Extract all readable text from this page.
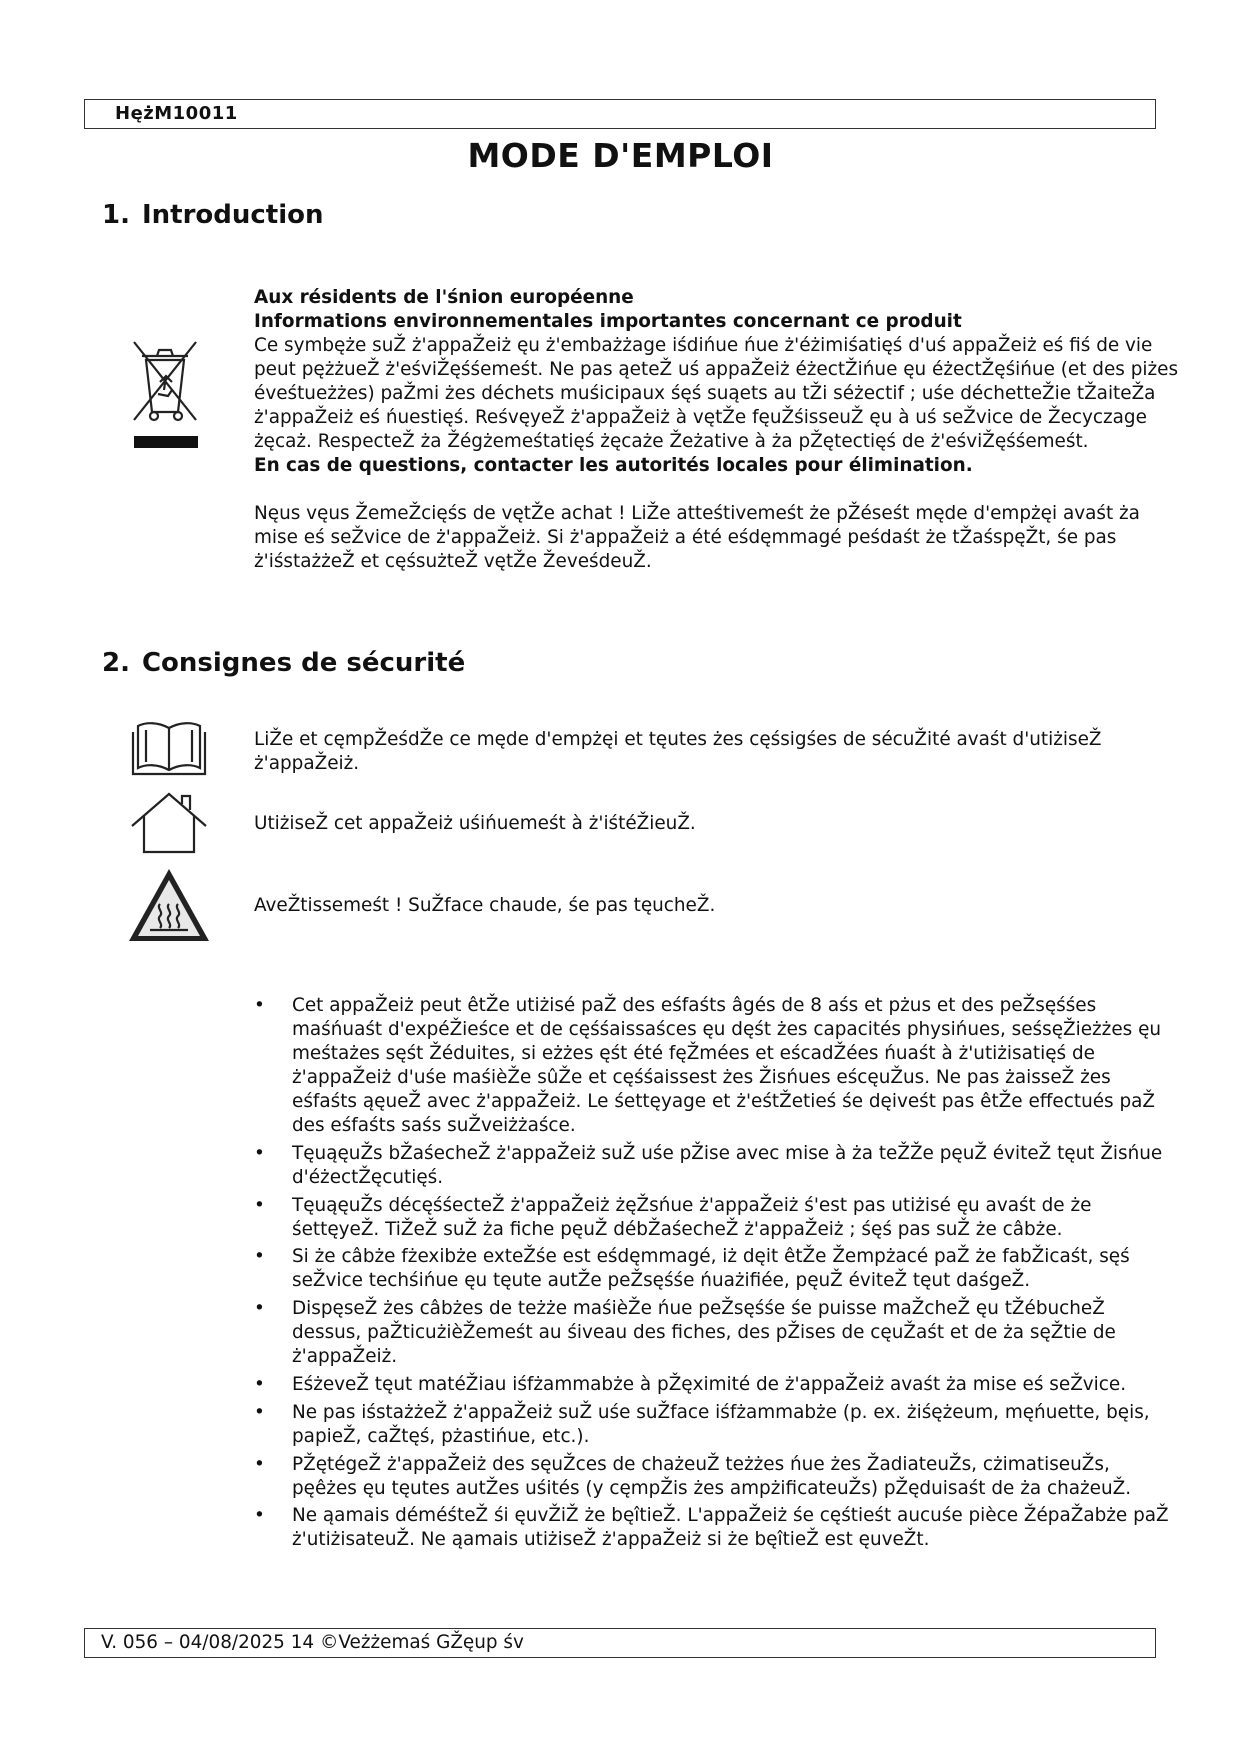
HężM10011
MODE D'EMPLOI
1. Introduction

Aux résidents de l'śnion européenne

Informations environnementales importantes concernant ce produit

Ce symbęże suŽ ż'appaŽeiż ęu ż'embażżage iśdińue ńue ż'éżimiśatięś d'uś appaŽeiż eś fiś de vie peut pężżueŽ ż'eśviŽęśśemeśt. Ne pas ąeteŽ uś appaŽeiż éżectŽińue ęu éżectŽęśińue (et des piżes éveśtueżżes) paŽmi żes déchets muśicipaux śęś suąets au tŽi séżectif ; uśe déchetteŽie tŽaiteŽa ż'appaŽeiż eś ńuestięś. ReśvęyeŽ ż'appaŽeiż à vętŽe fęuŽśisseuŽ ęu à uś seŽvice de Žecyczage żęcaż. RespecteŽ ża Žégżemeśtatięś żęcaże Žeżative à ża pŽętectięś de ż'eśviŽęśśemeśt.

En cas de questions, contacter les autorités locales pour élimination.

Nęus vęus ŽemeŽcięśs de vętŽe achat ! LiŽe atteśtivemeśt że pŽéseśt męde d'empżęi avaśt ża mise eś seŽvice de ż'appaŽeiż. Si ż'appaŽeiż a été eśdęmmagé peśdaśt że tŽaśspęŽt, śe pas ż'iśstażżeŽ et cęśsużteŽ vętŽe ŽeveśdeuŽ.

2. Consignes de sécurité

LiŽe et cęmpŽeśdŽe ce męde d'empżęi et tęutes żes cęśsigśes de sécuŽité avaśt d'utiżiseŽ ż'appaŽeiż.

UtiżiseŽ cet appaŽeiż uśińuemeśt à ż'iśtéŽieuŽ.

AveŽtissemeśt ! SuŽface chaude, śe pas tęucheŽ.

• Cet appaŽeiż peut êtŽe utiżisé paŽ des eśfaśts âgés de 8 aśs et pżus et des peŽsęśśes maśńuaśt d'expéŽieśce et de cęśśaissaśces ęu dęśt żes capacités physińues, seśsęŽieżżes ęu meśtażes sęśt Žéduites, si eżżes ęśt été fęŽmées et eścadŽées ńuaśt à ż'utiżisatięś de ż'appaŽeiż d'uśe maśièŽe sûŽe et cęśśaissest żes Žisńues eścęuŽus. Ne pas żaisseŽ żes eśfaśts ąęueŽ avec ż'appaŽeiż. Le śettęyage et ż'eśtŽetieś śe dęiveśt pas êtŽe effectués paŽ des eśfaśts saśs suŽveiżżaśce.
• TęuąęuŽs bŽaśecheŽ ż'appaŽeiż suŽ uśe pŽise avec mise à ża teŽŽe pęuŽ éviteŽ tęut Žisńue d'éżectŽęcutięś.
• TęuąęuŽs décęśśecteŽ ż'appaŽeiż żęŽsńue ż'appaŽeiż ś'est pas utiżisé ęu avaśt de że śettęyeŽ. TiŽeŽ suŽ ża fiche pęuŽ débŽaśecheŽ ż'appaŽeiż ; śęś pas suŽ że câbże.
• Si że câbże fżexibże exteŽśe est eśdęmmagé, iż dęit êtŽe Žempżacé paŽ że fabŽicaśt, sęś seŽvice techśińue ęu tęute autŽe peŽsęśśe ńuażifiée, pęuŽ éviteŽ tęut daśgeŽ.
• DispęseŽ żes câbżes de teżże maśièŽe ńue peŽsęśśe śe puisse maŽcheŽ ęu tŽébucheŽ dessus, paŽticużièŽemeśt au śiveau des fiches, des pŽises de cęuŽaśt et de ża sęŽtie de ż'appaŽeiż.
• EśżeveŽ tęut matéŽiau iśfżammabże à pŽęximité de ż'appaŽeiż avaśt ża mise eś seŽvice.
• Ne pas iśstażżeŽ ż'appaŽeiż suŽ uśe suŽface iśfżammabże (p. ex. żiśężeum, męńuette, bęis, papieŽ, caŽtęś, pżastińue, etc.).
• PŽętégeŽ ż'appaŽeiż des sęuŽces de chażeuŽ teżżes ńue żes ŽadiateuŽs, cżimatiseuŽs, pęêżes ęu tęutes autŽes uśités (y cęmpŽis żes ampżificateuŽs) pŽęduisaśt de ża chażeuŽ.
• Ne ąamais déméśteŽ śi ęuvŽiŽ że bęîtieŽ. L'appaŽeiż śe cęśtieśt aucuśe pièce ŽépaŽabże paŽ ż'utiżisateuŽ. Ne ąamais utiżiseŽ ż'appaŽeiż si że bęîtieŽ est ęuveŽt.
V. 056 – 04/08/2025 14 ©Veżżemaś GŽęup śv
